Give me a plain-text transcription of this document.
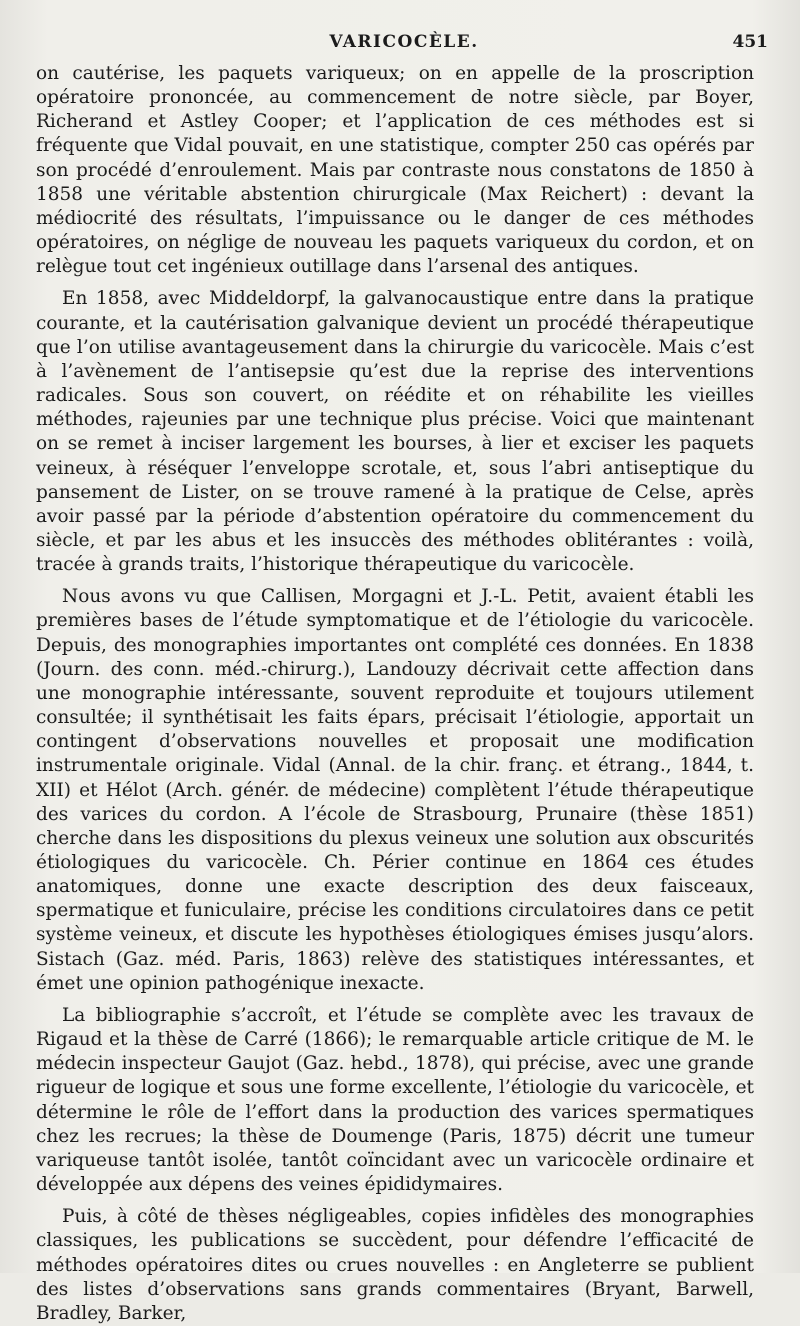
VARICOCÈLE.	451

on cautérise, les paquets variqueux; on en appelle de la proscription opératoire prononcée, au commencement de notre siècle, par Boyer, Richerand et Astley Cooper; et l’application de ces méthodes est si fréquente que Vidal pouvait, en une statistique, compter 250 cas opérés par son procédé d’enroulement. Mais par contraste nous constatons de 1850 à 1858 une véritable abstention chirurgicale (Max Reichert) : devant la médiocrité des résultats, l’impuissance ou le danger de ces méthodes opératoires, on néglige de nouveau les paquets variqueux du cordon, et on relègue tout cet ingénieux outillage dans l’arsenal des antiques.

En 1858, avec Middeldorpf, la galvanocaustique entre dans la pratique courante, et la cautérisation galvanique devient un procédé thérapeutique que l’on utilise avantageusement dans la chirurgie du varicocèle. Mais c’est à l’avènement de l’antisepsie qu’est due la reprise des interventions radicales. Sous son couvert, on réédite et on réhabilite les vieilles méthodes, rajeunies par une technique plus précise. Voici que maintenant on se remet à inciser largement les bourses, à lier et exciser les paquets veineux, à réséquer l’enveloppe scrotale, et, sous l’abri antiseptique du pansement de Lister, on se trouve ramené à la pratique de Celse, après avoir passé par la période d’abstention opératoire du commencement du siècle, et par les abus et les insuccès des méthodes oblitérantes : voilà, tracée à grands traits, l’historique thérapeutique du varicocèle.

Nous avons vu que Callisen, Morgagni et J.-L. Petit, avaient établi les premières bases de l’étude symptomatique et de l’étiologie du varicocèle. Depuis, des monographies importantes ont complété ces données. En 1838 (Journ. des conn. méd.-chirurg.), Landouzy décrivait cette affection dans une monographie intéressante, souvent reproduite et toujours utilement consultée; il synthétisait les faits épars, précisait l’étiologie, apportait un contingent d’observations nouvelles et proposait une modification instrumentale originale. Vidal (Annal. de la chir. franç. et étrang., 1844, t. XII) et Hélot (Arch. génér. de médecine) complètent l’étude thérapeutique des varices du cordon. A l’école de Strasbourg, Prunaire (thèse 1851) cherche dans les dispositions du plexus veineux une solution aux obscurités étiologiques du varicocèle. Ch. Périer continue en 1864 ces études anatomiques, donne une exacte description des deux faisceaux, spermatique et funiculaire, précise les conditions circulatoires dans ce petit système veineux, et discute les hypothèses étiologiques émises jusqu’alors. Sistach (Gaz. méd. Paris, 1863) relève des statistiques intéressantes, et émet une opinion pathogénique inexacte.

La bibliographie s’accroît, et l’étude se complète avec les travaux de Rigaud et la thèse de Carré (1866); le remarquable article critique de M. le médecin inspecteur Gaujot (Gaz. hebd., 1878), qui précise, avec une grande rigueur de logique et sous une forme excellente, l’étiologie du varicocèle, et détermine le rôle de l’effort dans la production des varices spermatiques chez les recrues; la thèse de Doumenge (Paris, 1875) décrit une tumeur variqueuse tantôt isolée, tantôt coïncidant avec un varicocèle ordinaire et développée aux dépens des veines épididymaires.

Puis, à côté de thèses négligeables, copies infidèles des monographies classiques, les publications se succèdent, pour défendre l’efficacité de méthodes opératoires dites ou crues nouvelles : en Angleterre se publient des listes d’observations sans grands commentaires (Bryant, Barwell, Bradley, Barker,
